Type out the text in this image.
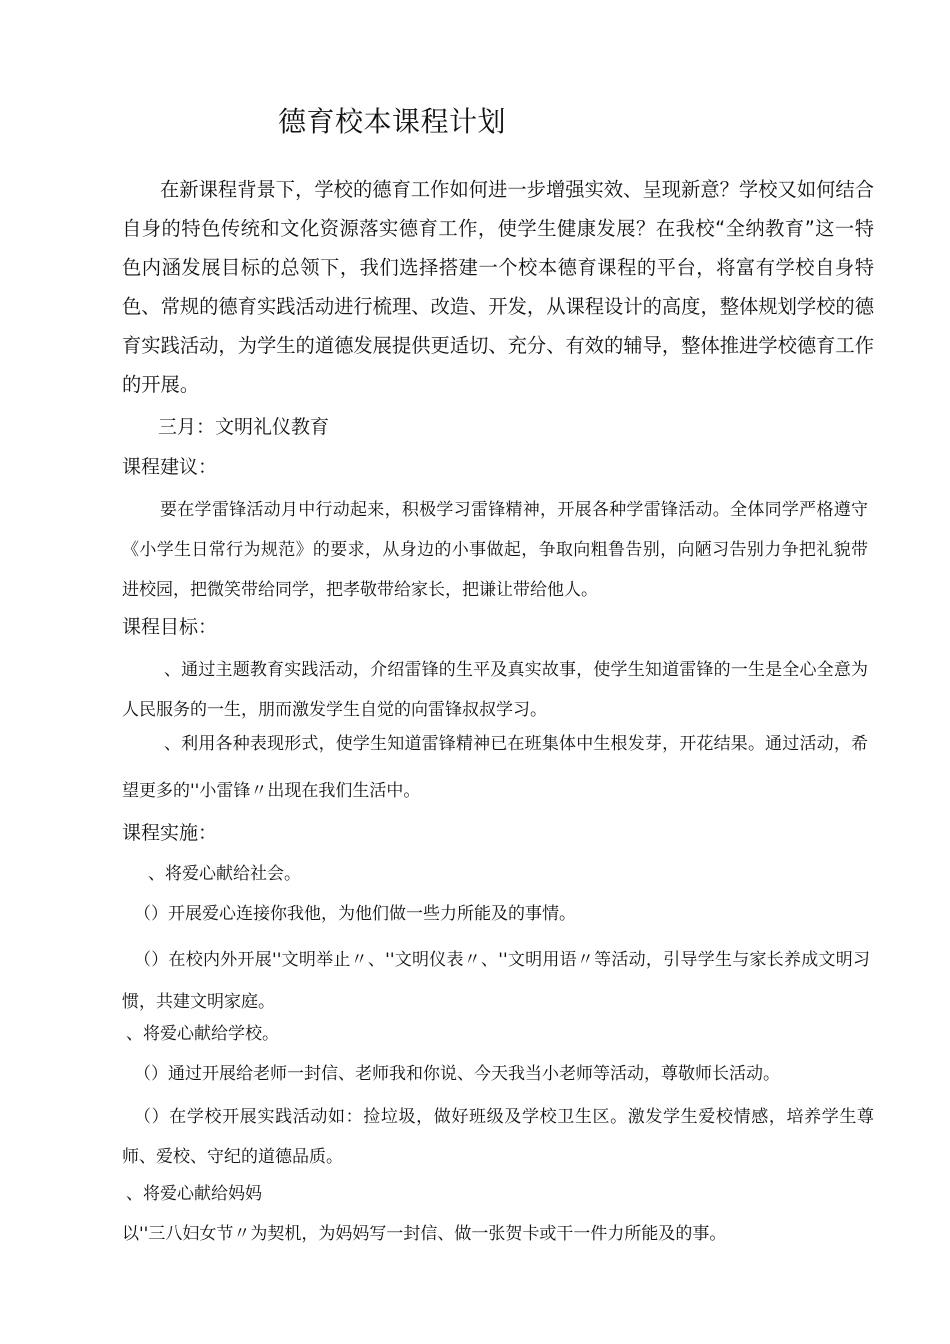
德育校本课程计划

在新课程背景下，学校的德育工作如何进一步增强实效、呈现新意？学校又如何结合自身的特色传统和文化资源落实德育工作，使学生健康发展？在我校“全纳教育”这一特色内涵发展目标的总领下，我们选择搭建一个校本德育课程的平台，将富有学校自身特色、常规的德育实践活动进行梳理、改造、开发，从课程设计的高度，整体规划学校的德育实践活动，为学生的道德发展提供更适切、充分、有效的辅导，整体推进学校德育工作的开展。

三月：文明礼仪教育
课程建议：

要在学雷锋活动月中行动起来，积极学习雷锋精神，开展各种学雷锋活动。全体同学严格遵守《小学生日常行为规范》的要求，从身边的小事做起，争取向粗鲁告别，向陋习告别力争把礼貌带进校园，把微笑带给同学，把孝敬带给家长，把谦让带给他人。

课程目标：

、通过主题教育实践活动，介绍雷锋的生平及真实故事，使学生知道雷锋的一生是全心全意为人民服务的一生，朋而激发学生自觉的向雷锋叔叔学习。

、利用各种表现形式，使学生知道雷锋精神已在班集体中生根发芽，开花结果。通过活动，希望更多的''小雷锋〃出现在我们生活中。

课程实施：
、将爱心献给社会。
（）开展爱心连接你我他，为他们做一些力所能及的事情。

（）在校内外开展''文明举止〃、''文明仪表〃、''文明用语〃等活动，引导学生与家长养成文明习惯，共建文明家庭。

、将爱心献给学校。
（）通过开展给老师一封信、老师我和你说、今天我当小老师等活动，尊敬师长活动。

（）在学校开展实践活动如：捡垃圾，做好班级及学校卫生区。激发学生爱校情感，培养学生尊师、爱校、守纪的道德品质。

、将爱心献给妈妈
以''三八妇女节〃为契机，为妈妈写一封信、做一张贺卡或干一件力所能及的事。
